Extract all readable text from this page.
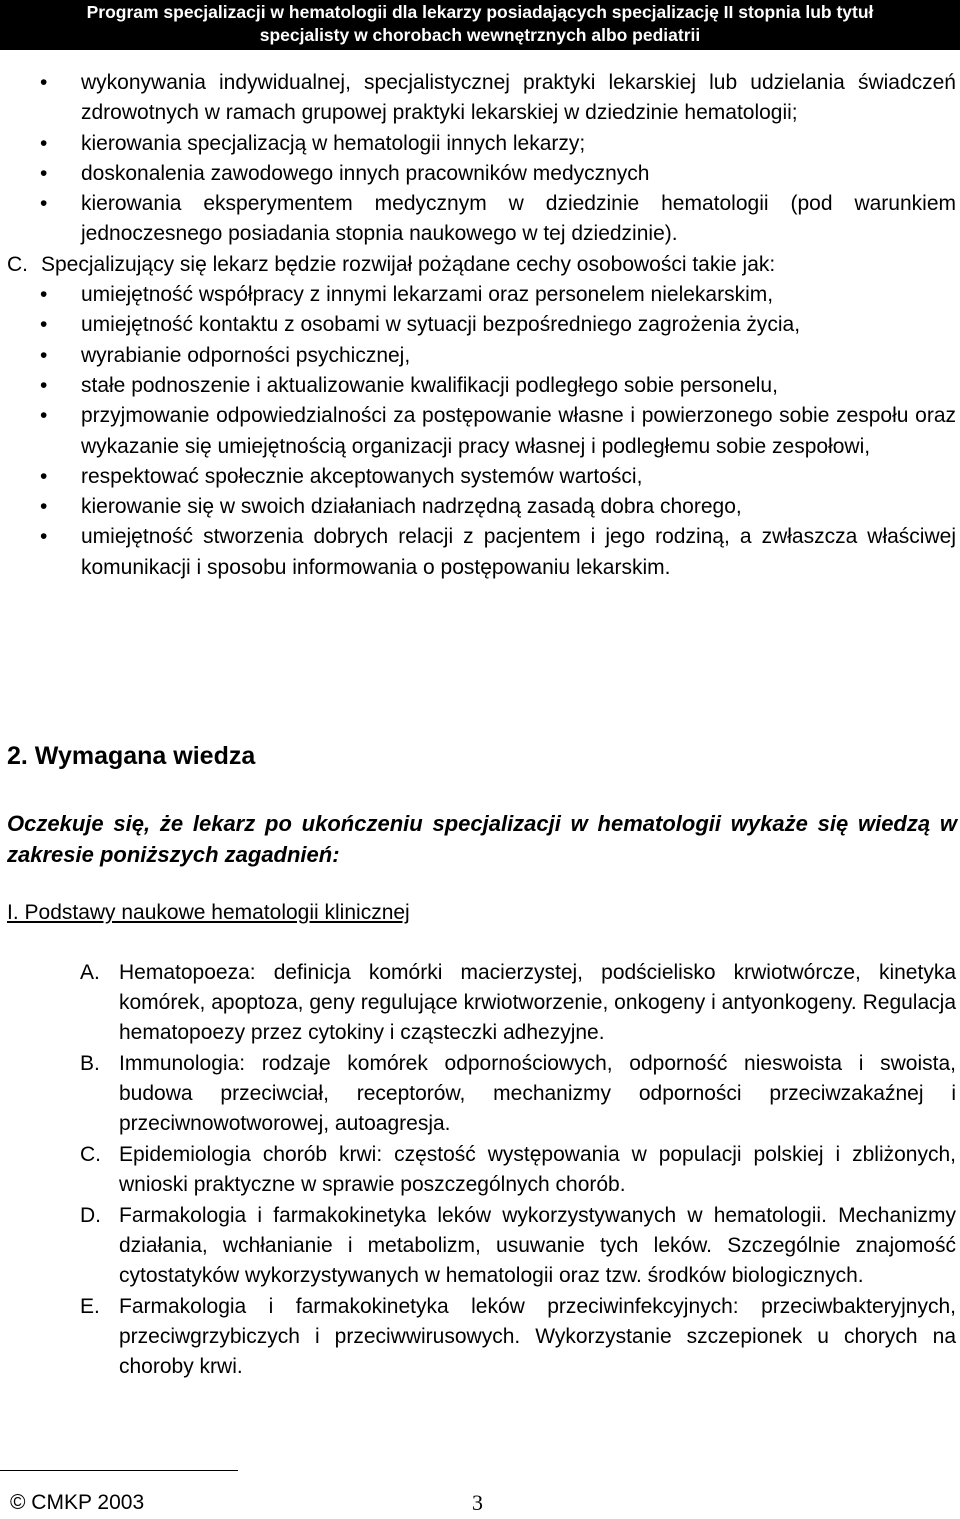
Program specjalizacji w hematologii dla lekarzy posiadających specjalizację II stopnia lub tytuł
specjalisty w chorobach wewnętrznych albo pediatrii
• wykonywania indywidualnej, specjalistycznej praktyki lekarskiej lub udzielania świadczeń zdrowotnych w ramach grupowej praktyki lekarskiej w dziedzinie hematologii;
• kierowania specjalizacją w hematologii innych lekarzy;
• doskonalenia zawodowego innych pracowników medycznych
• kierowania eksperymentem medycznym w dziedzinie hematologii (pod warunkiem jednoczesnego posiadania stopnia naukowego w tej dziedzinie).
C. Specjalizujący się lekarz będzie rozwijał pożądane cechy osobowości takie jak:
• umiejętność współpracy z innymi lekarzami oraz personelem nielekarskim,
• umiejętność kontaktu z osobami w sytuacji bezpośredniego zagrożenia życia,
• wyrabianie odporności psychicznej,
• stałe podnoszenie i aktualizowanie kwalifikacji podległego sobie personelu,
• przyjmowanie odpowiedzialności za postępowanie własne i powierzonego sobie zespołu oraz wykazanie się umiejętnością organizacji pracy własnej i podległemu sobie zespołowi,
• respektować społecznie akceptowanych systemów wartości,
• kierowanie się w swoich działaniach nadrzędną zasadą dobra chorego,
• umiejętność stworzenia dobrych relacji z pacjentem i jego rodziną, a zwłaszcza właściwej komunikacji i sposobu informowania o postępowaniu lekarskim.
2. Wymagana wiedza
Oczekuje się, że lekarz po ukończeniu specjalizacji w hematologii wykaże się wiedzą w zakresie poniższych zagadnień:
I. Podstawy naukowe hematologii klinicznej
A. Hematopoeza: definicja komórki macierzystej, podścielisko krwiotwórcze, kinetyka komórek, apoptoza, geny regulujące krwiotworzenie, onkogeny i antyonkogeny. Regulacja hematopoezy przez cytokiny i cząsteczki adhezyjne.
B. Immunologia: rodzaje komórek odpornościowych, odporność nieswoista i swoista, budowa przeciwciał, receptorów, mechanizmy odporności przeciwzakaźnej i przeciwnowotworowej, autoagresja.
C. Epidemiologia chorób krwi: częstość występowania w populacji polskiej i zbliżonych, wnioski praktyczne w sprawie poszczególnych chorób.
D. Farmakologia i farmakokinetyka leków wykorzystywanych w hematologii. Mechanizmy działania, wchłanianie i metabolizm, usuwanie tych leków. Szczególnie znajomość cytostatyków wykorzystywanych w hematologii oraz tzw. środków biologicznych.
E. Farmakologia i farmakokinetyka leków przeciwinfekcyjnych: przeciwbakteryjnych, przeciwgrzybiczych i przeciwwirusowych. Wykorzystanie szczepionek u chorych na choroby krwi.
© CMKP 2003	3
